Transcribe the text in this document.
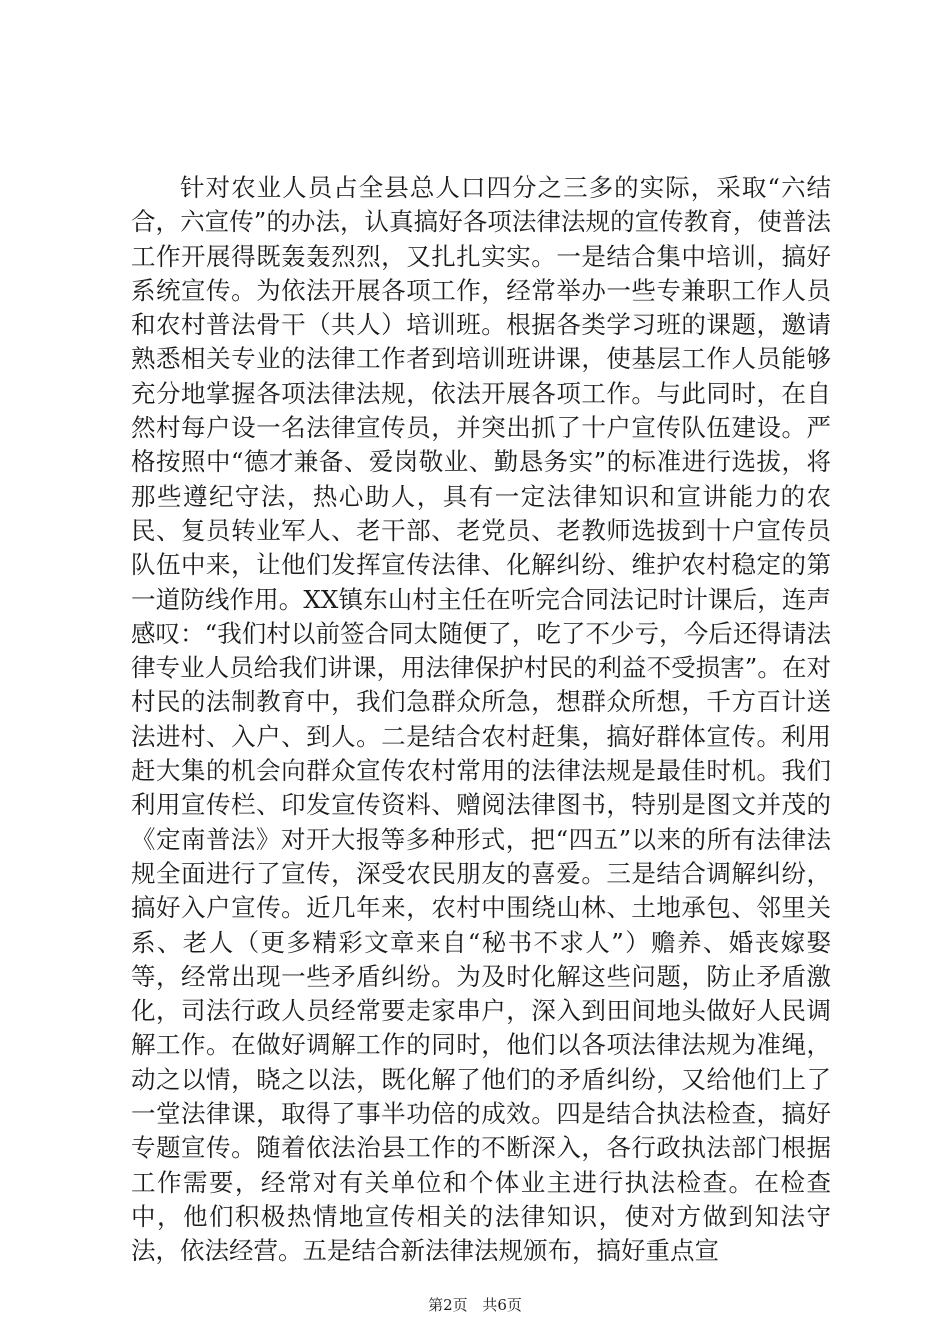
针对农业人员占全县总人口四分之三多的实际，采取“六结合，六宣传”的办法，认真搞好各项法律法规的宣传教育，使普法工作开展得既轰轰烈烈，又扎扎实实。一是结合集中培训，搞好系统宣传。为依法开展各项工作，经常举办一些专兼职工作人员和农村普法骨干（共人）培训班。根据各类学习班的课题，邀请熟悉相关专业的法律工作者到培训班讲课，使基层工作人员能够充分地掌握各项法律法规，依法开展各项工作。与此同时，在自然村每户设一名法律宣传员，并突出抓了十户宣传队伍建设。严格按照中“德才兼备、爱岗敬业、勤恳务实”的标准进行选拔，将那些遵纪守法，热心助人，具有一定法律知识和宣讲能力的农民、复员转业军人、老干部、老党员、老教师选拔到十户宣传员队伍中来，让他们发挥宣传法律、化解纠纷、维护农村稳定的第一道防线作用。XX镇东山村主任在听完合同法记时计课后，连声感叹：“我们村以前签合同太随便了，吃了不少亏，今后还得请法律专业人员给我们讲课，用法律保护村民的利益不受损害”。在对村民的法制教育中，我们急群众所急，想群众所想，千方百计送法进村、入户、到人。二是结合农村赶集，搞好群体宣传。利用赶大集的机会向群众宣传农村常用的法律法规是最佳时机。我们利用宣传栏、印发宣传资料、赠阅法律图书，特别是图文并茂的《定南普法》对开大报等多种形式，把“四五”以来的所有法律法规全面进行了宣传，深受农民朋友的喜爱。三是结合调解纠纷，搞好入户宣传。近几年来，农村中围绕山林、土地承包、邻里关系、老人（更多精彩文章来自“秘书不求人”）赡养、婚丧嫁娶等，经常出现一些矛盾纠纷。为及时化解这些问题，防止矛盾激化，司法行政人员经常要走家串户，深入到田间地头做好人民调解工作。在做好调解工作的同时，他们以各项法律法规为准绳，动之以情，晓之以法，既化解了他们的矛盾纠纷，又给他们上了一堂法律课，取得了事半功倍的成效。四是结合执法检查，搞好专题宣传。随着依法治县工作的不断深入，各行政执法部门根据工作需要，经常对有关单位和个体业主进行执法检查。在检查中，他们积极热情地宣传相关的法律知识，使对方做到知法守法，依法经营。五是结合新法律法规颁布，搞好重点宣

第2页 共6页
